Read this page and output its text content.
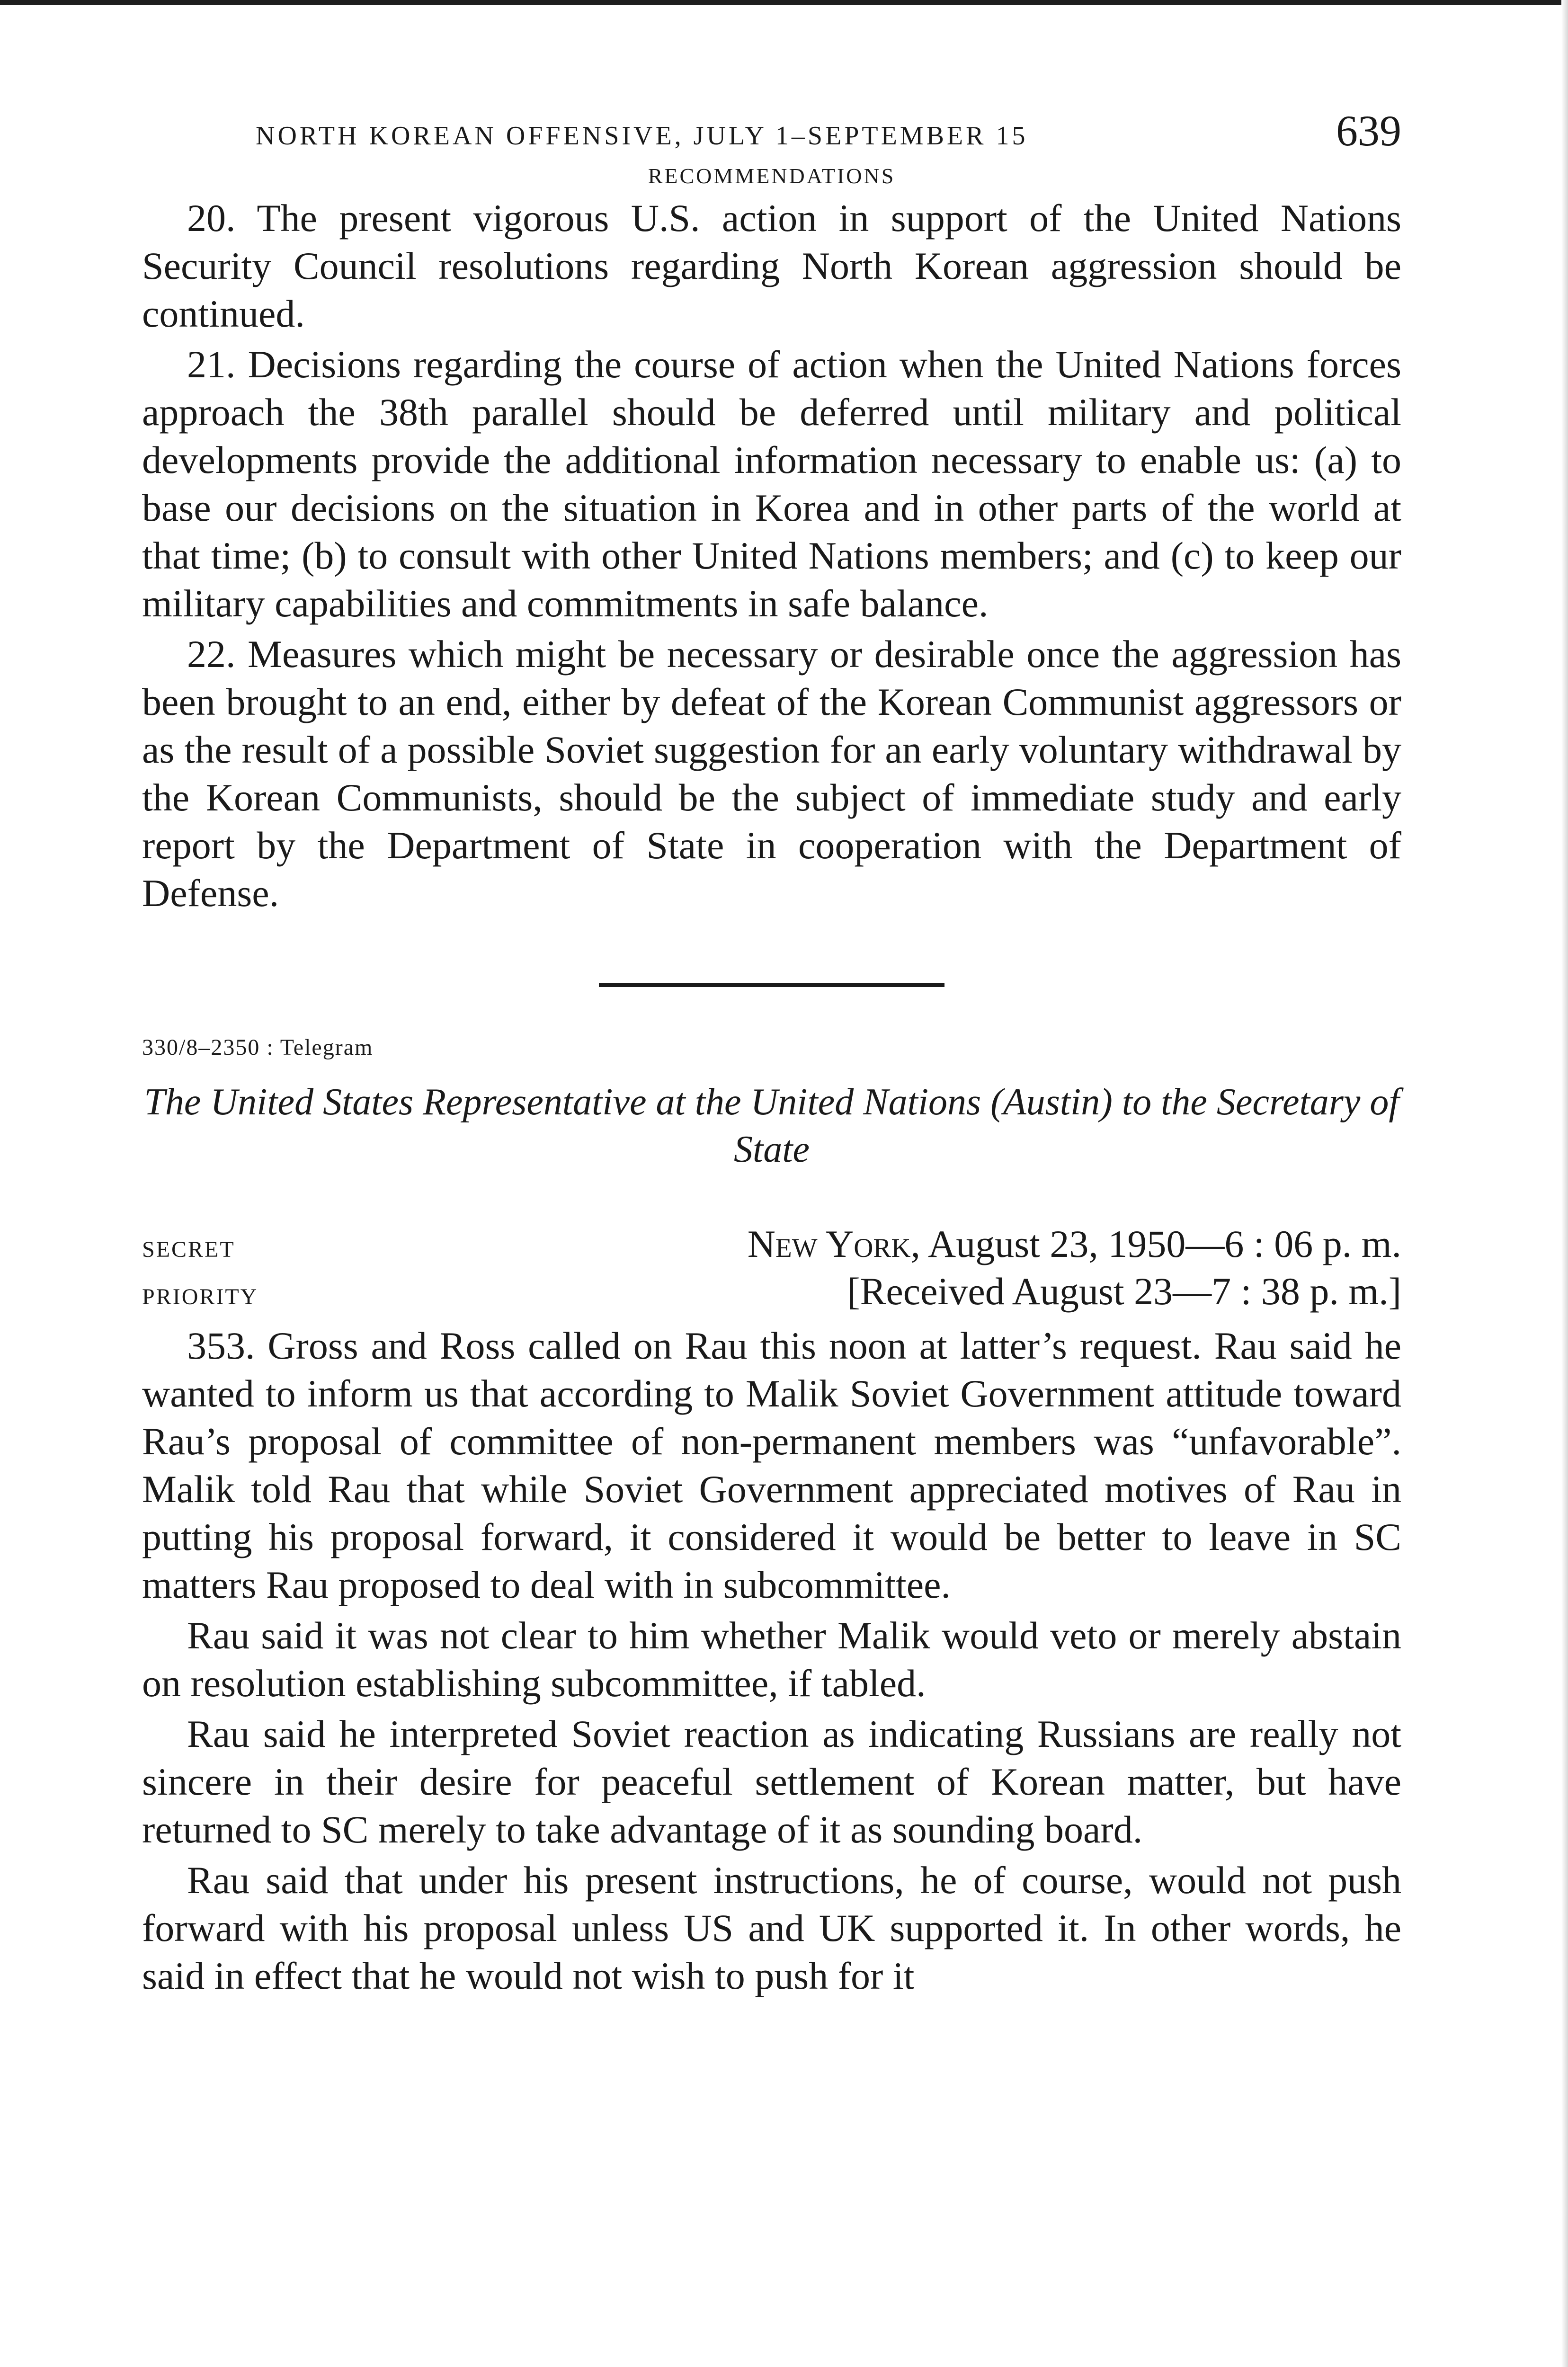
NORTH KOREAN OFFENSIVE, JULY 1–SEPTEMBER 15	639
RECOMMENDATIONS

20. The present vigorous U.S. action in support of the United Nations Security Council resolutions regarding North Korean aggression should be continued.

21. Decisions regarding the course of action when the United Nations forces approach the 38th parallel should be deferred until military and political developments provide the additional information necessary to enable us: (a) to base our decisions on the situation in Korea and in other parts of the world at that time; (b) to consult with other United Nations members; and (c) to keep our military capabilities and commitments in safe balance.

22. Measures which might be necessary or desirable once the aggression has been brought to an end, either by defeat of the Korean Communist aggressors or as the result of a possible Soviet suggestion for an early voluntary withdrawal by the Korean Communists, should be the subject of immediate study and early report by the Department of State in cooperation with the Department of Defense.

330/8–2350 : Telegram
The United States Representative at the United Nations (Austin) to the Secretary of State
SECRET	New York, August 23, 1950—6 : 06 p. m.
PRIORITY	[Received August 23—7 : 38 p. m.]

353. Gross and Ross called on Rau this noon at latter’s request. Rau said he wanted to inform us that according to Malik Soviet Government attitude toward Rau’s proposal of committee of non-permanent members was “unfavorable”. Malik told Rau that while Soviet Government appreciated motives of Rau in putting his proposal forward, it considered it would be better to leave in SC matters Rau proposed to deal with in subcommittee.

Rau said it was not clear to him whether Malik would veto or merely abstain on resolution establishing subcommittee, if tabled.

Rau said he interpreted Soviet reaction as indicating Russians are really not sincere in their desire for peaceful settlement of Korean matter, but have returned to SC merely to take advantage of it as sounding board.

Rau said that under his present instructions, he of course, would not push forward with his proposal unless US and UK supported it. In other words, he said in effect that he would not wish to push for it
